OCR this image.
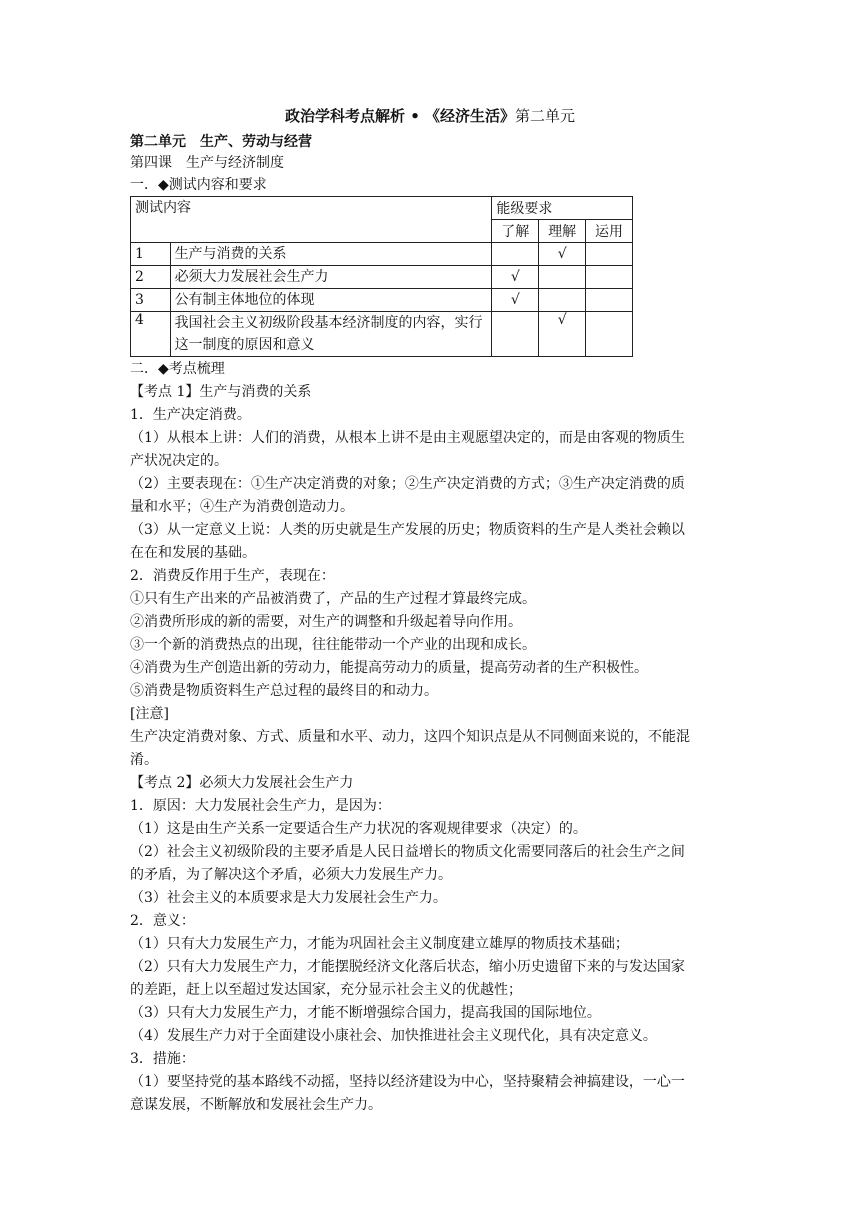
政治学科考点解析 • 《经济生活》第二单元
第二单元　生产、劳动与经营
第四课　生产与经济制度
一．◆测试内容和要求
测试内容		能级要求		
		了解	理解	运用
1	生产与消费的关系		√	
2	必须大力发展社会生产力	√		
3	公有制主体地位的体现	√		
4	我国社会主义初级阶段基本经济制度的内容，实行这一制度的原因和意义		√	
二．◆考点梳理
【考点 1】生产与消费的关系
1．生产决定消费。
（1）从根本上讲：人们的消费，从根本上讲不是由主观愿望决定的，而是由客观的物质生
产状况决定的。
（2）主要表现在：①生产决定消费的对象；②生产决定消费的方式；③生产决定消费的质
量和水平；④生产为消费创造动力。
（3）从一定意义上说：人类的历史就是生产发展的历史；物质资料的生产是人类社会赖以
在在和发展的基础。
2．消费反作用于生产，表现在：
①只有生产出来的产品被消费了，产品的生产过程才算最终完成。
②消费所形成的新的需要，对生产的调整和升级起着导向作用。
③一个新的消费热点的出现，往往能带动一个产业的出现和成长。
④消费为生产创造出新的劳动力，能提高劳动力的质量，提高劳动者的生产积极性。
⑤消费是物质资料生产总过程的最终目的和动力。
[注意]
生产决定消费对象、方式、质量和水平、动力，这四个知识点是从不同侧面来说的，不能混
淆。
【考点 2】必须大力发展社会生产力
1．原因：大力发展社会生产力，是因为：
（1）这是由生产关系一定要适合生产力状况的客观规律要求（决定）的。
（2）社会主义初级阶段的主要矛盾是人民日益增长的物质文化需要同落后的社会生产之间
的矛盾，为了解决这个矛盾，必须大力发展生产力。
（3）社会主义的本质要求是大力发展社会生产力。
2．意义：
（1）只有大力发展生产力，才能为巩固社会主义制度建立雄厚的物质技术基础；
（2）只有大力发展生产力，才能摆脱经济文化落后状态，缩小历史遗留下来的与发达国家
的差距，赶上以至超过发达国家，充分显示社会主义的优越性；
（3）只有大力发展生产力，才能不断增强综合国力，提高我国的国际地位。
（4）发展生产力对于全面建设小康社会、加快推进社会主义现代化，具有决定意义。
3．措施：
（1）要坚持党的基本路线不动摇，坚持以经济建设为中心，坚持聚精会神搞建设，一心一
意谋发展，不断解放和发展社会生产力。
